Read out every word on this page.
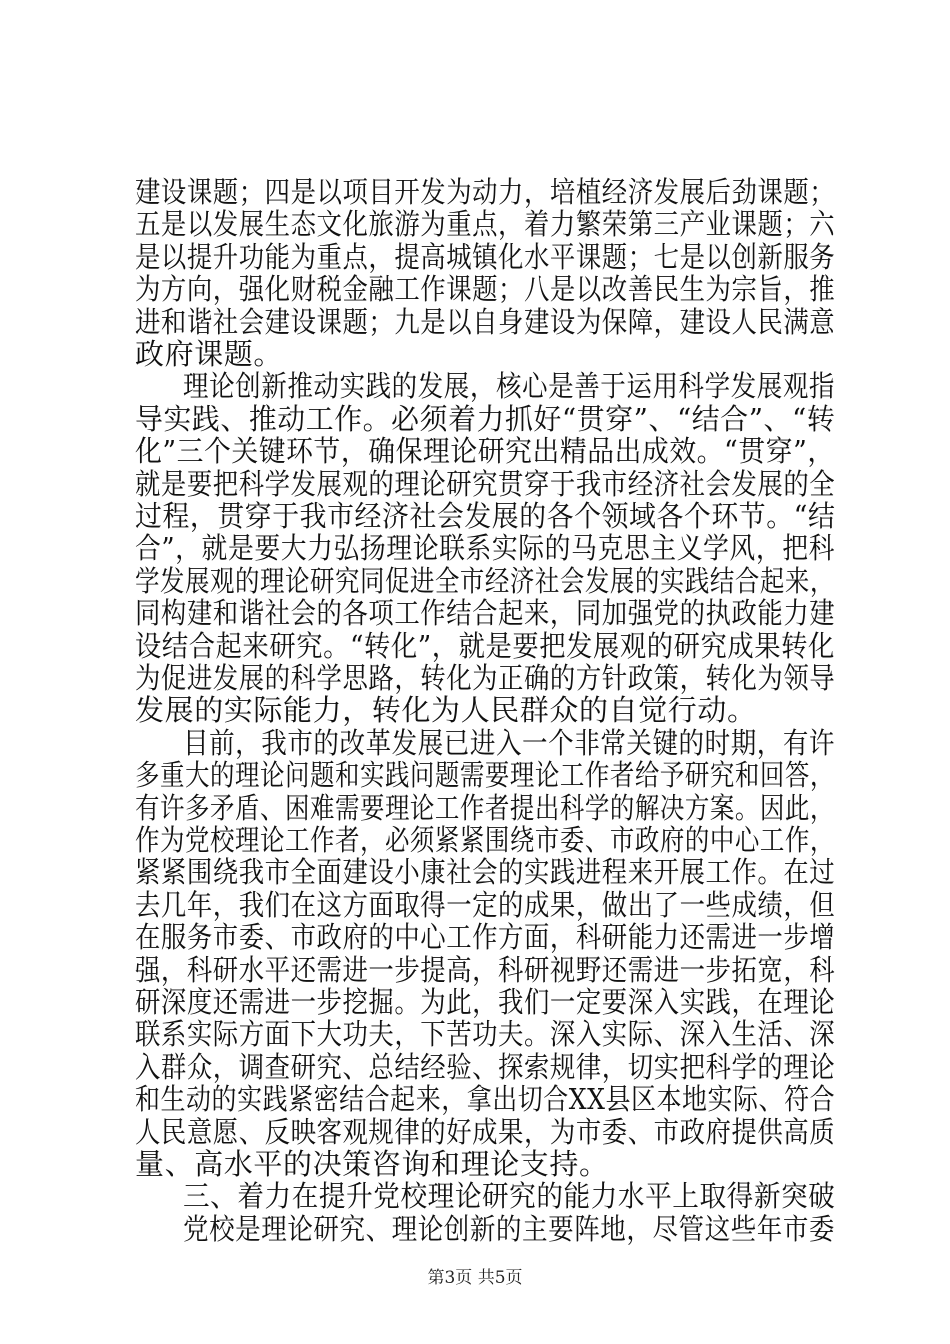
建设课题；四是以项目开发为动力，培植经济发展后劲课题；
五是以发展生态文化旅游为重点，着力繁荣第三产业课题；六
是以提升功能为重点，提高城镇化水平课题；七是以创新服务
为方向，强化财税金融工作课题；八是以改善民生为宗旨，推
进和谐社会建设课题；九是以自身建设为保障，建设人民满意
政府课题。
理论创新推动实践的发展，核心是善于运用科学发展观指
导实践、推动工作。必须着力抓好“贯穿”、“结合”、“转
化”三个关键环节，确保理论研究出精品出成效。“贯穿”，
就是要把科学发展观的理论研究贯穿于我市经济社会发展的全
过程，贯穿于我市经济社会发展的各个领域各个环节。“结
合”，就是要大力弘扬理论联系实际的马克思主义学风，把科
学发展观的理论研究同促进全市经济社会发展的实践结合起来，
同构建和谐社会的各项工作结合起来，同加强党的执政能力建
设结合起来研究。“转化”，就是要把发展观的研究成果转化
为促进发展的科学思路，转化为正确的方针政策，转化为领导
发展的实际能力，转化为人民群众的自觉行动。
目前，我市的改革发展已进入一个非常关键的时期，有许
多重大的理论问题和实践问题需要理论工作者给予研究和回答，
有许多矛盾、困难需要理论工作者提出科学的解决方案。因此，
作为党校理论工作者，必须紧紧围绕市委、市政府的中心工作，
紧紧围绕我市全面建设小康社会的实践进程来开展工作。在过
去几年，我们在这方面取得一定的成果，做出了一些成绩，但
在服务市委、市政府的中心工作方面，科研能力还需进一步增
强，科研水平还需进一步提高，科研视野还需进一步拓宽，科
研深度还需进一步挖掘。为此，我们一定要深入实践，在理论
联系实际方面下大功夫，下苦功夫。深入实际、深入生活、深
入群众，调查研究、总结经验、探索规律，切实把科学的理论
和生动的实践紧密结合起来，拿出切合XX县区本地实际、符合
人民意愿、反映客观规律的好成果，为市委、市政府提供高质
量、高水平的决策咨询和理论支持。
三、着力在提升党校理论研究的能力水平上取得新突破
党校是理论研究、理论创新的主要阵地，尽管这些年市委
第3页 共5页
